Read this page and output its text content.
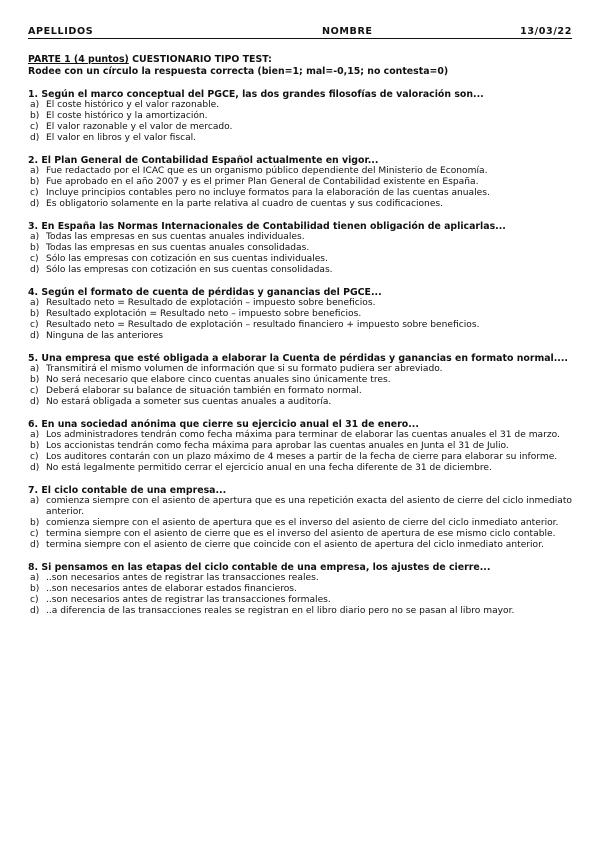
APELLIDOS	NOMBRE	13/03/22
PARTE 1 (4 puntos) CUESTIONARIO TIPO TEST:
Rodee con un círculo la respuesta correcta (bien=1; mal=-0,15; no contesta=0)
1. Según el marco conceptual del PGCE, las dos grandes filosofías de valoración son...
a) El coste histórico y el valor razonable.
b) El coste histórico y la amortización.
c) El valor razonable y el valor de mercado.
d) El valor en libros y el valor fiscal.
2. El Plan General de Contabilidad Español actualmente en vigor...
a) Fue redactado por el ICAC que es un organismo público dependiente del Ministerio de Economía.
b) Fue aprobado en el año 2007 y es el primer Plan General de Contabilidad existente en España.
c) Incluye principios contables pero no incluye formatos para la elaboración de las cuentas anuales.
d) Es obligatorio solamente en la parte relativa al cuadro de cuentas y sus codificaciones.
3. En España las Normas Internacionales de Contabilidad tienen obligación de aplicarlas...
a) Todas las empresas en sus cuentas anuales individuales.
b) Todas las empresas en sus cuentas anuales consolidadas.
c) Sólo las empresas con cotización en sus cuentas individuales.
d) Sólo las empresas con cotización en sus cuentas consolidadas.
4. Según el formato de cuenta de pérdidas y ganancias del PGCE...
a) Resultado neto = Resultado de explotación – impuesto sobre beneficios.
b) Resultado explotación = Resultado neto – impuesto sobre beneficios.
c) Resultado neto = Resultado de explotación – resultado financiero + impuesto sobre beneficios.
d) Ninguna de las anteriores
5. Una empresa que esté obligada a elaborar la Cuenta de pérdidas y ganancias en formato normal....
a) Transmitirá el mismo volumen de información que si su formato pudiera ser abreviado.
b) No será necesario que elabore cinco cuentas anuales sino únicamente tres.
c) Deberá elaborar su balance de situación también en formato normal.
d) No estará obligada a someter sus cuentas anuales a auditoría.
6. En una sociedad anónima que cierre su ejercicio anual el 31 de enero...
a) Los administradores tendrán como fecha máxima para terminar de elaborar las cuentas anuales el 31 de marzo.
b) Los accionistas tendrán como fecha máxima para aprobar las cuentas anuales en Junta el 31 de Julio.
c) Los auditores contarán con un plazo máximo de 4 meses a partir de la fecha de cierre para elaborar su informe.
d) No está legalmente permitido cerrar el ejercicio anual en una fecha diferente de 31 de diciembre.
7. El ciclo contable de una empresa...
a) comienza siempre con el asiento de apertura que es una repetición exacta del asiento de cierre del ciclo inmediato anterior.
b) comienza siempre con el asiento de apertura que es el inverso del asiento de cierre del ciclo inmediato anterior.
c) termina siempre con el asiento de cierre que es el inverso del asiento de apertura de ese mismo ciclo contable.
d) termina siempre con el asiento de cierre que coincide con el asiento de apertura del ciclo inmediato anterior.
8. Si pensamos en las etapas del ciclo contable de una empresa, los ajustes de cierre...
a) ..son necesarios antes de registrar las transacciones reales.
b) ..son necesarios antes de elaborar estados financieros.
c) ..son necesarios antes de registrar las transacciones formales.
d) ..a diferencia de las transacciones reales se registran en el libro diario pero no se pasan al libro mayor.
